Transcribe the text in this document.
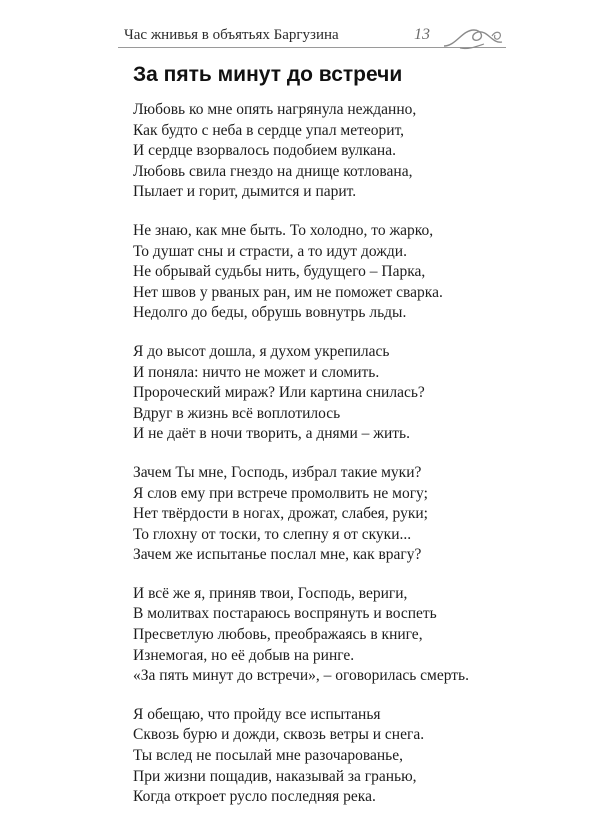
Час жнивья в объятьях Баргузина	13
За пять минут до встречи
Любовь ко мне опять нагрянула нежданно,
Как будто с неба в сердце упал метеорит,
И сердце взорвалось подобием вулкана.
Любовь свила гнездо на днище котлована,
Пылает и горит, дымится и парит.
Не знаю, как мне быть. То холодно, то жарко,
То душат сны и страсти, а то идут дожди.
Не обрывай судьбы нить, будущего – Парка,
Нет швов у рваных ран, им не поможет сварка.
Недолго до беды, обрушь вовнутрь льды.
Я до высот дошла, я духом укрепилась
И поняла: ничто не может и сломить.
Пророческий мираж? Или картина снилась?
Вдруг в жизнь всё воплотилось
И не даёт в ночи творить, а днями – жить.
Зачем Ты мне, Господь, избрал такие муки?
Я слов ему при встрече промолвить не могу;
Нет твёрдости в ногах, дрожат, слабея, руки;
То глохну от тоски, то слепну я от скуки...
Зачем же испытанье послал мне, как врагу?
И всё же я, приняв твои, Господь, вериги,
В молитвах постараюсь воспрянуть и воспеть
Пресветлую любовь, преображаясь в книге,
Изнемогая, но её добыв на ринге.
«За пять минут до встречи», – оговорилась смерть.
Я обещаю, что пройду все испытанья
Сквозь бурю и дожди, сквозь ветры и снега.
Ты вслед не посылай мне разочарованье,
При жизни пощадив, наказывай за гранью,
Когда откроет русло последняя река.
